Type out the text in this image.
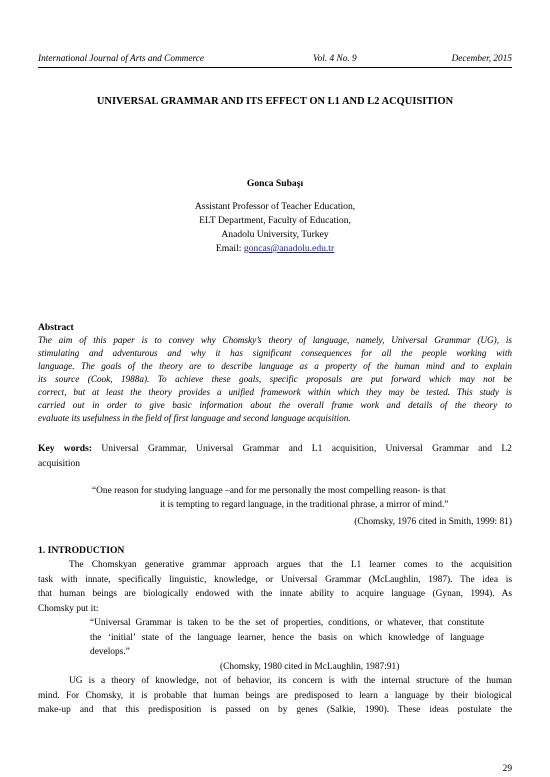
International Journal of Arts and Commerce	Vol. 4 No. 9	December, 2015
UNIVERSAL GRAMMAR AND ITS EFFECT ON L1 AND L2 ACQUISITION
Gonca Subaşı
Assistant Professor of Teacher Education,
ELT Department, Faculty of Education,
Anadolu University, Turkey
Email: goncas@anadolu.edu.tr
Abstract
The aim of this paper is to convey why Chomsky’s theory of language, namely, Universal Grammar (UG), is
stimulating and adventurous and why it has significant consequences for all the people working with
language. The goals of the theory are to describe language as a property of the human mind and to explain
its source (Cook, 1988a). To achieve these goals, specific proposals are put forward which may not be
correct, but at least the theory provides a unified framework within which they may be tested. This study is
carried out in order to give basic information about the overall frame work and details of the theory to
evaluate its usefulness in the field of first language and second language acquisition.
Key words: Universal Grammar, Universal Grammar and L1 acquisition, Universal Grammar and L2
acquisition
“One reason for studying language –and for me personally the most compelling reason- is that
it is tempting to regard language, in the traditional phrase, a mirror of mind.”
(Chomsky, 1976 cited in Smith, 1999: 81)
1. INTRODUCTION
The Chomskyan generative grammar approach argues that the L1 learner comes to the acquisition
task with innate, specifically linguistic, knowledge, or Universal Grammar (McLaughlin, 1987). The idea is
that human beings are biologically endowed with the innate ability to acquire language (Gynan, 1994). As
Chomsky put it:
“Universal Grammar is taken to be the set of properties, conditions, or whatever, that constitute
the ‘initial’ state of the language learner, hence the basis on which knowledge of language
develops.”
(Chomsky, 1980 cited in McLaughlin, 1987:91)
UG is a theory of knowledge, not of behavior, its concern is with the internal structure of the human
mind. For Chomsky, it is probable that human beings are predisposed to learn a language by their biological
make-up and that this predisposition is passed on by genes (Salkie, 1990). These ideas postulate the
29
